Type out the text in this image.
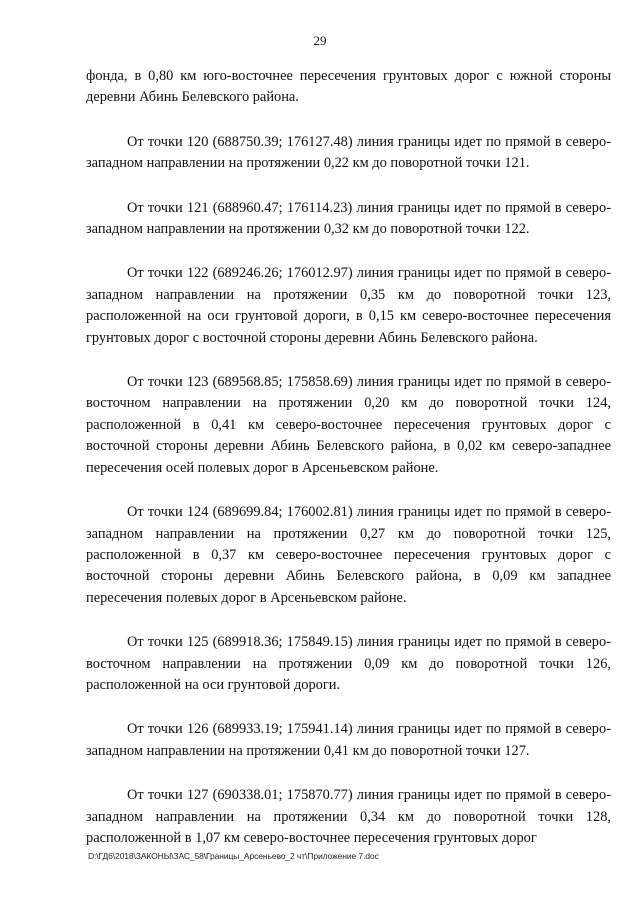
29

фонда, в 0,80 км юго-восточнее пересечения грунтовых дорог с южной стороны деревни Абинь Белевского района.

От точки 120 (688750.39; 176127.48) линия границы идет по прямой в северо-западном направлении на протяжении 0,22 км до поворотной точки 121.

От точки 121 (688960.47; 176114.23) линия границы идет по прямой в северо-западном направлении на протяжении 0,32 км до поворотной точки 122.

От точки 122 (689246.26; 176012.97) линия границы идет по прямой в северо-западном направлении на протяжении 0,35 км до поворотной точки 123, расположенной на оси грунтовой дороги, в 0,15 км северо-восточнее пересечения грунтовых дорог с восточной стороны деревни Абинь Белевского района.

От точки 123 (689568.85; 175858.69) линия границы идет по прямой в северо-восточном направлении на протяжении 0,20 км до поворотной точки 124, расположенной в 0,41 км северо-восточнее пересечения грунтовых дорог с восточной стороны деревни Абинь Белевского района, в 0,02 км северо-западнее пересечения осей полевых дорог в Арсеньевском районе.

От точки 124 (689699.84; 176002.81) линия границы идет по прямой в северо-западном направлении на протяжении 0,27 км до поворотной точки 125, расположенной в 0,37 км северо-восточнее пересечения грунтовых дорог с восточной стороны деревни Абинь Белевского района, в 0,09 км западнее пересечения полевых дорог в Арсеньевском районе.

От точки 125 (689918.36; 175849.15) линия границы идет по прямой в северо-восточном направлении на протяжении 0,09 км до поворотной точки 126, расположенной на оси грунтовой дороги.

От точки 126 (689933.19; 175941.14) линия границы идет по прямой в северо-западном направлении на протяжении 0,41 км до поворотной точки 127.

От точки 127 (690338.01; 175870.77) линия границы идет по прямой в северо-западном направлении на протяжении 0,34 км до поворотной точки 128, расположенной в 1,07 км северо-восточнее пересечения грунтовых дорог

D:\ГД6\2018\ЗАКОНЫ\ЗАС_58\Границы_Арсеньево_2 чт\Приложение 7.doc
